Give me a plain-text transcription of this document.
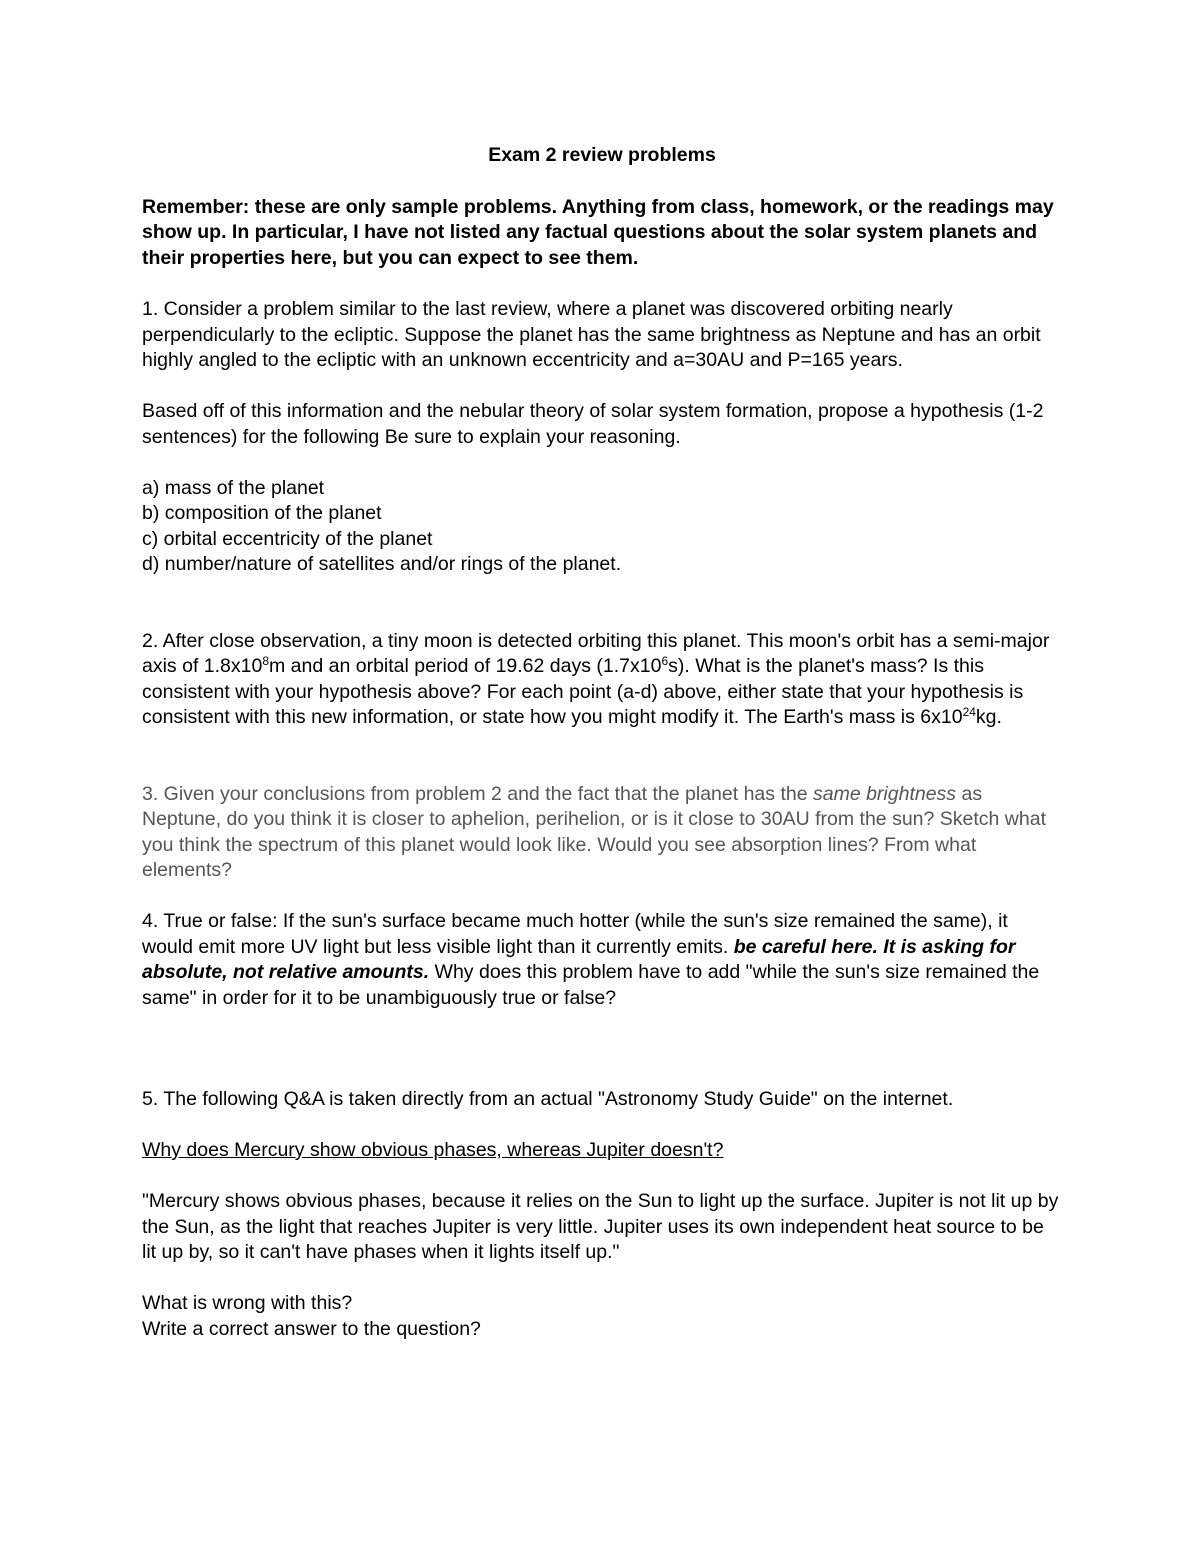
Exam 2 review problems

Remember: these are only sample problems. Anything from class, homework, or the readings may show up. In particular, I have not listed any factual questions about the solar system planets and their properties here, but you can expect to see them.

1. Consider a problem similar to the last review, where a planet was discovered orbiting nearly perpendicularly to the ecliptic. Suppose the planet has the same brightness as Neptune and has an orbit highly angled to the ecliptic with an unknown eccentricity and a=30AU and P=165 years.

Based off of this information and the nebular theory of solar system formation, propose a hypothesis (1-2 sentences) for the following Be sure to explain your reasoning.

a) mass of the planet

b) composition of the planet

c) orbital eccentricity of the planet

d) number/nature of satellites and/or rings of the planet.

2. After close observation, a tiny moon is detected orbiting this planet. This moon's orbit has a semi-major axis of $1.8x10^8m$ and an orbital period of 19.62 days $(1.7x10^6s)$. What is the planet's mass? Is this consistent with your hypothesis above? For each point (a-d) above, either state that your hypothesis is consistent with this new information, or state how you might modify it. The Earth's mass is $6x10^{24}kg$.

3. Given your conclusions from problem 2 and the fact that the planet has the same brightness as Neptune, do you think it is closer to aphelion, perihelion, or is it close to 30AU from the sun? Sketch what you think the spectrum of this planet would look like. Would you see absorption lines? From what elements?

4. True or false: If the sun's surface became much hotter (while the sun's size remained the same), it would emit more UV light but less visible light than it currently emits. be careful here. It is asking for absolute, not relative amounts. Why does this problem have to add "while the sun's size remained the same" in order for it to be unambiguously true or false?

5. The following Q&A is taken directly from an actual "Astronomy Study Guide" on the internet.

Why does Mercury show obvious phases, whereas Jupiter doesn't?

"Mercury shows obvious phases, because it relies on the Sun to light up the surface. Jupiter is not lit up by the Sun, as the light that reaches Jupiter is very little. Jupiter uses its own independent heat source to be lit up by, so it can't have phases when it lights itself up."

What is wrong with this?

Write a correct answer to the question?
